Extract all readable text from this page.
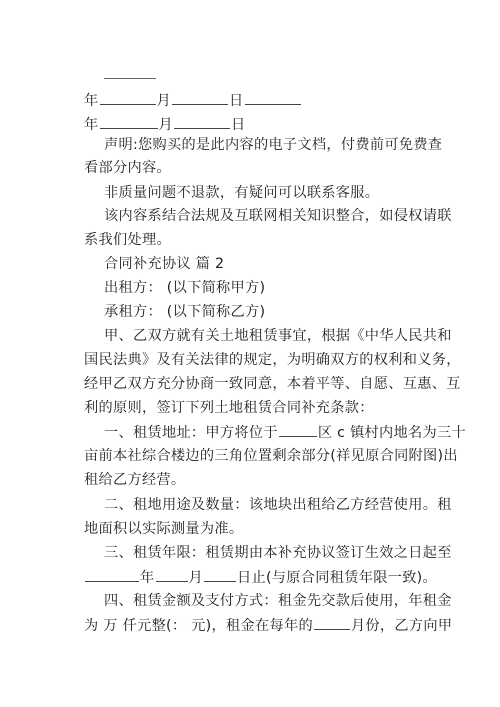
年	月	日
年	月	日
声明:您购买的是此内容的电子文档，付费前可免费查
看部分内容。
非质量问题不退款，有疑问可以联系客服。
该内容系结合法规及互联网相关知识整合，如侵权请联
系我们处理。
合同补充协议 篇 2
出租方： (以下简称甲方)
承租方： (以下简称乙方)
甲、乙双方就有关土地租赁事宜，根据《中华人民共和
国民法典》及有关法律的规定，为明确双方的权利和义务，
经甲乙双方充分协商一致同意，本着平等、自愿、互惠、互
利的原则，签订下列土地租赁合同补充条款：
一、租赁地址：甲方将位于	区 c 镇村内地名为三十
亩前本社综合楼边的三角位置剩余部分(祥见原合同附图)出
租给乙方经营。
二、租地用途及数量：该地块出租给乙方经营使用。租
地面积以实际测量为准。
三、租赁年限：租赁期由本补充协议签订生效之日起至
年 月 日止(与原合同租赁年限一致)。
四、租赁金额及支付方式：租金先交款后使用，年租金
为 万 仟元整(： 元)，租金在每年的	月份，乙方向甲
